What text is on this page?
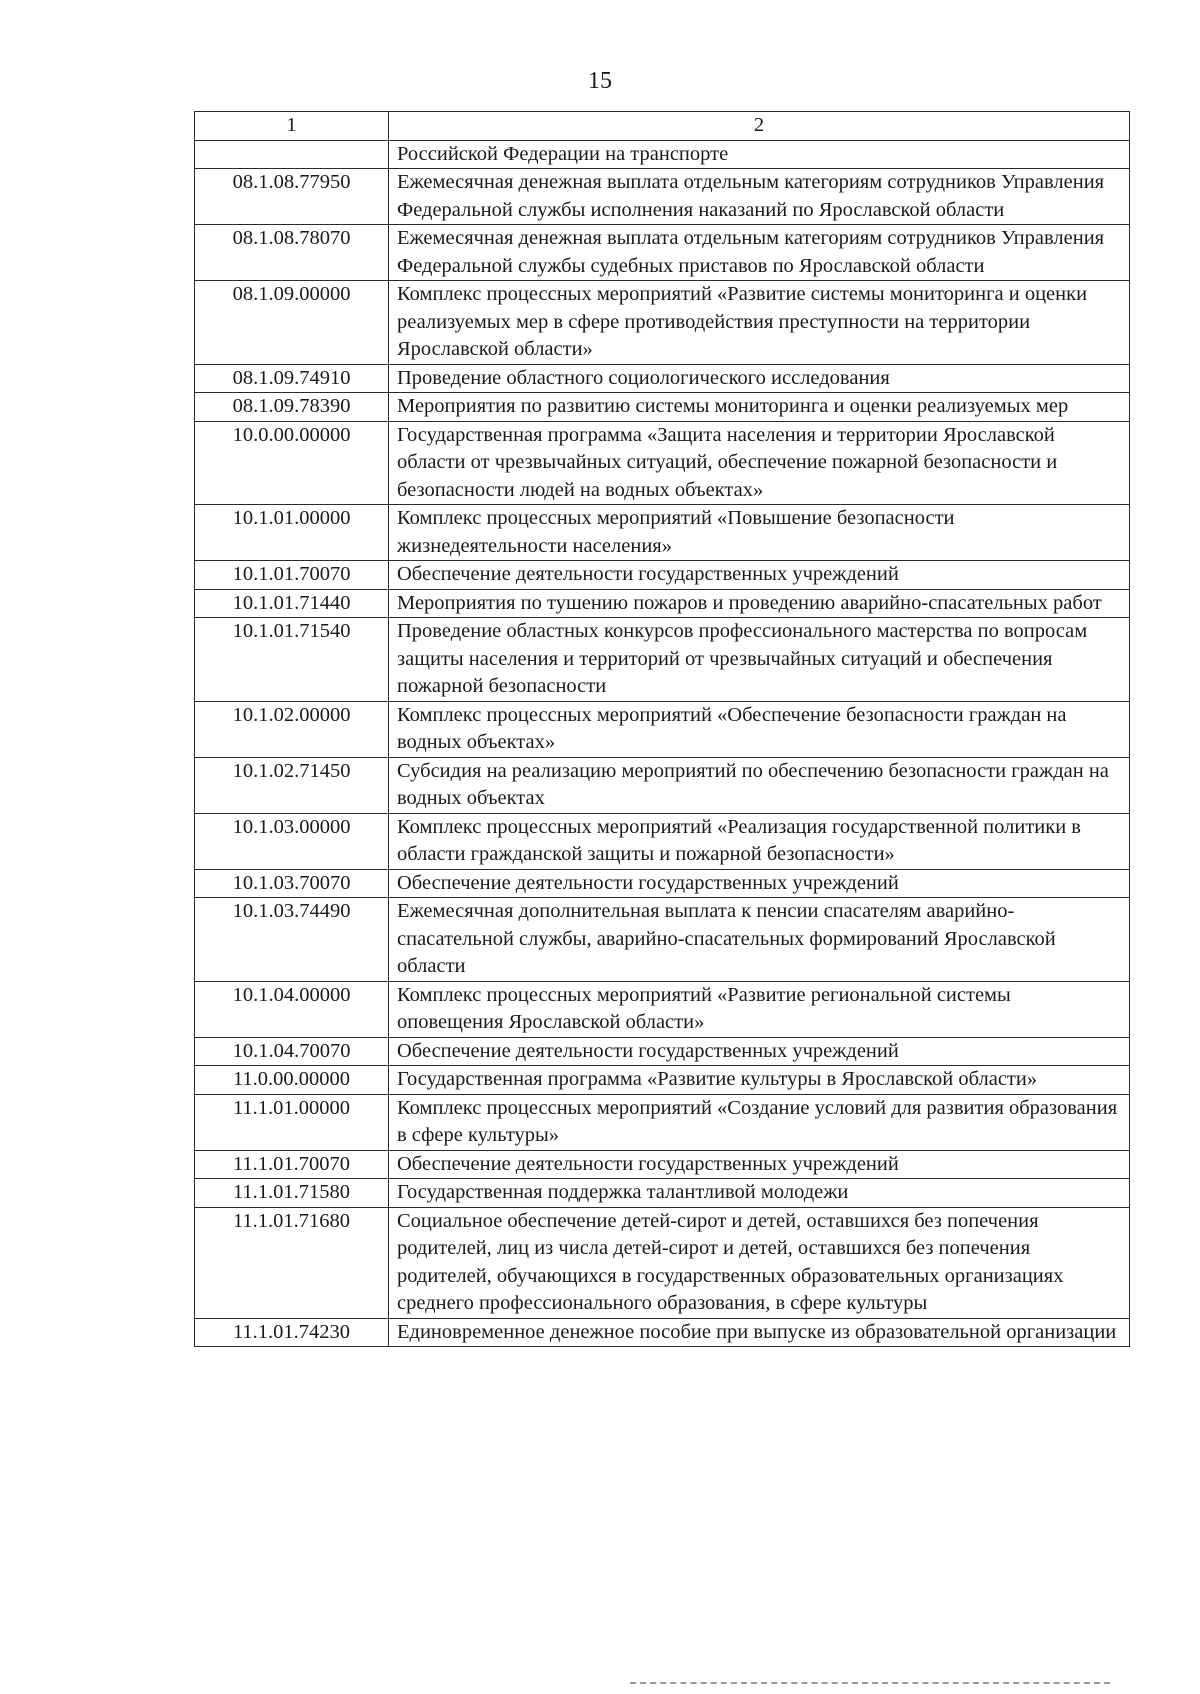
15
1	2
	Российской Федерации на транспорте
08.1.08.77950	Ежемесячная денежная выплата отдельным категориям сотрудников Управления Федеральной службы исполнения наказаний по Ярославской области
08.1.08.78070	Ежемесячная денежная выплата отдельным категориям сотрудников Управления Федеральной службы судебных приставов по Ярославской области
08.1.09.00000	Комплекс процессных мероприятий «Развитие системы мониторинга и оценки реализуемых мер в сфере противодействия преступности на территории Ярославской области»
08.1.09.74910	Проведение областного социологического исследования
08.1.09.78390	Мероприятия по развитию системы мониторинга и оценки реализуемых мер
10.0.00.00000	Государственная программа «Защита населения и территории Ярославской области от чрезвычайных ситуаций, обеспечение пожарной безопасности и безопасности людей на водных объектах»
10.1.01.00000	Комплекс процессных мероприятий «Повышение безопасности жизнедеятельности населения»
10.1.01.70070	Обеспечение деятельности государственных учреждений
10.1.01.71440	Мероприятия по тушению пожаров и проведению аварийно-спасательных работ
10.1.01.71540	Проведение областных конкурсов профессионального мастерства по вопросам защиты населения и территорий от чрезвычайных ситуаций и обеспечения пожарной безопасности
10.1.02.00000	Комплекс процессных мероприятий «Обеспечение безопасности граждан на водных объектах»
10.1.02.71450	Субсидия на реализацию мероприятий по обеспечению безопасности граждан на водных объектах
10.1.03.00000	Комплекс процессных мероприятий «Реализация государственной политики в области гражданской защиты и пожарной безопасности»
10.1.03.70070	Обеспечение деятельности государственных учреждений
10.1.03.74490	Ежемесячная дополнительная выплата к пенсии спасателям аварийно-спасательной службы, аварийно-спасательных формирований Ярославской области
10.1.04.00000	Комплекс процессных мероприятий «Развитие региональной системы оповещения Ярославской области»
10.1.04.70070	Обеспечение деятельности государственных учреждений
11.0.00.00000	Государственная программа «Развитие культуры в Ярославской области»
11.1.01.00000	Комплекс процессных мероприятий «Создание условий для развития образования в сфере культуры»
11.1.01.70070	Обеспечение деятельности государственных учреждений
11.1.01.71580	Государственная поддержка талантливой молодежи
11.1.01.71680	Социальное обеспечение детей-сирот и детей, оставшихся без попечения родителей, лиц из числа детей-сирот и детей, оставшихся без попечения родителей, обучающихся в государственных образовательных организациях среднего профессионального образования, в сфере культуры
11.1.01.74230	Единовременное денежное пособие при выпуске из образовательной организации
